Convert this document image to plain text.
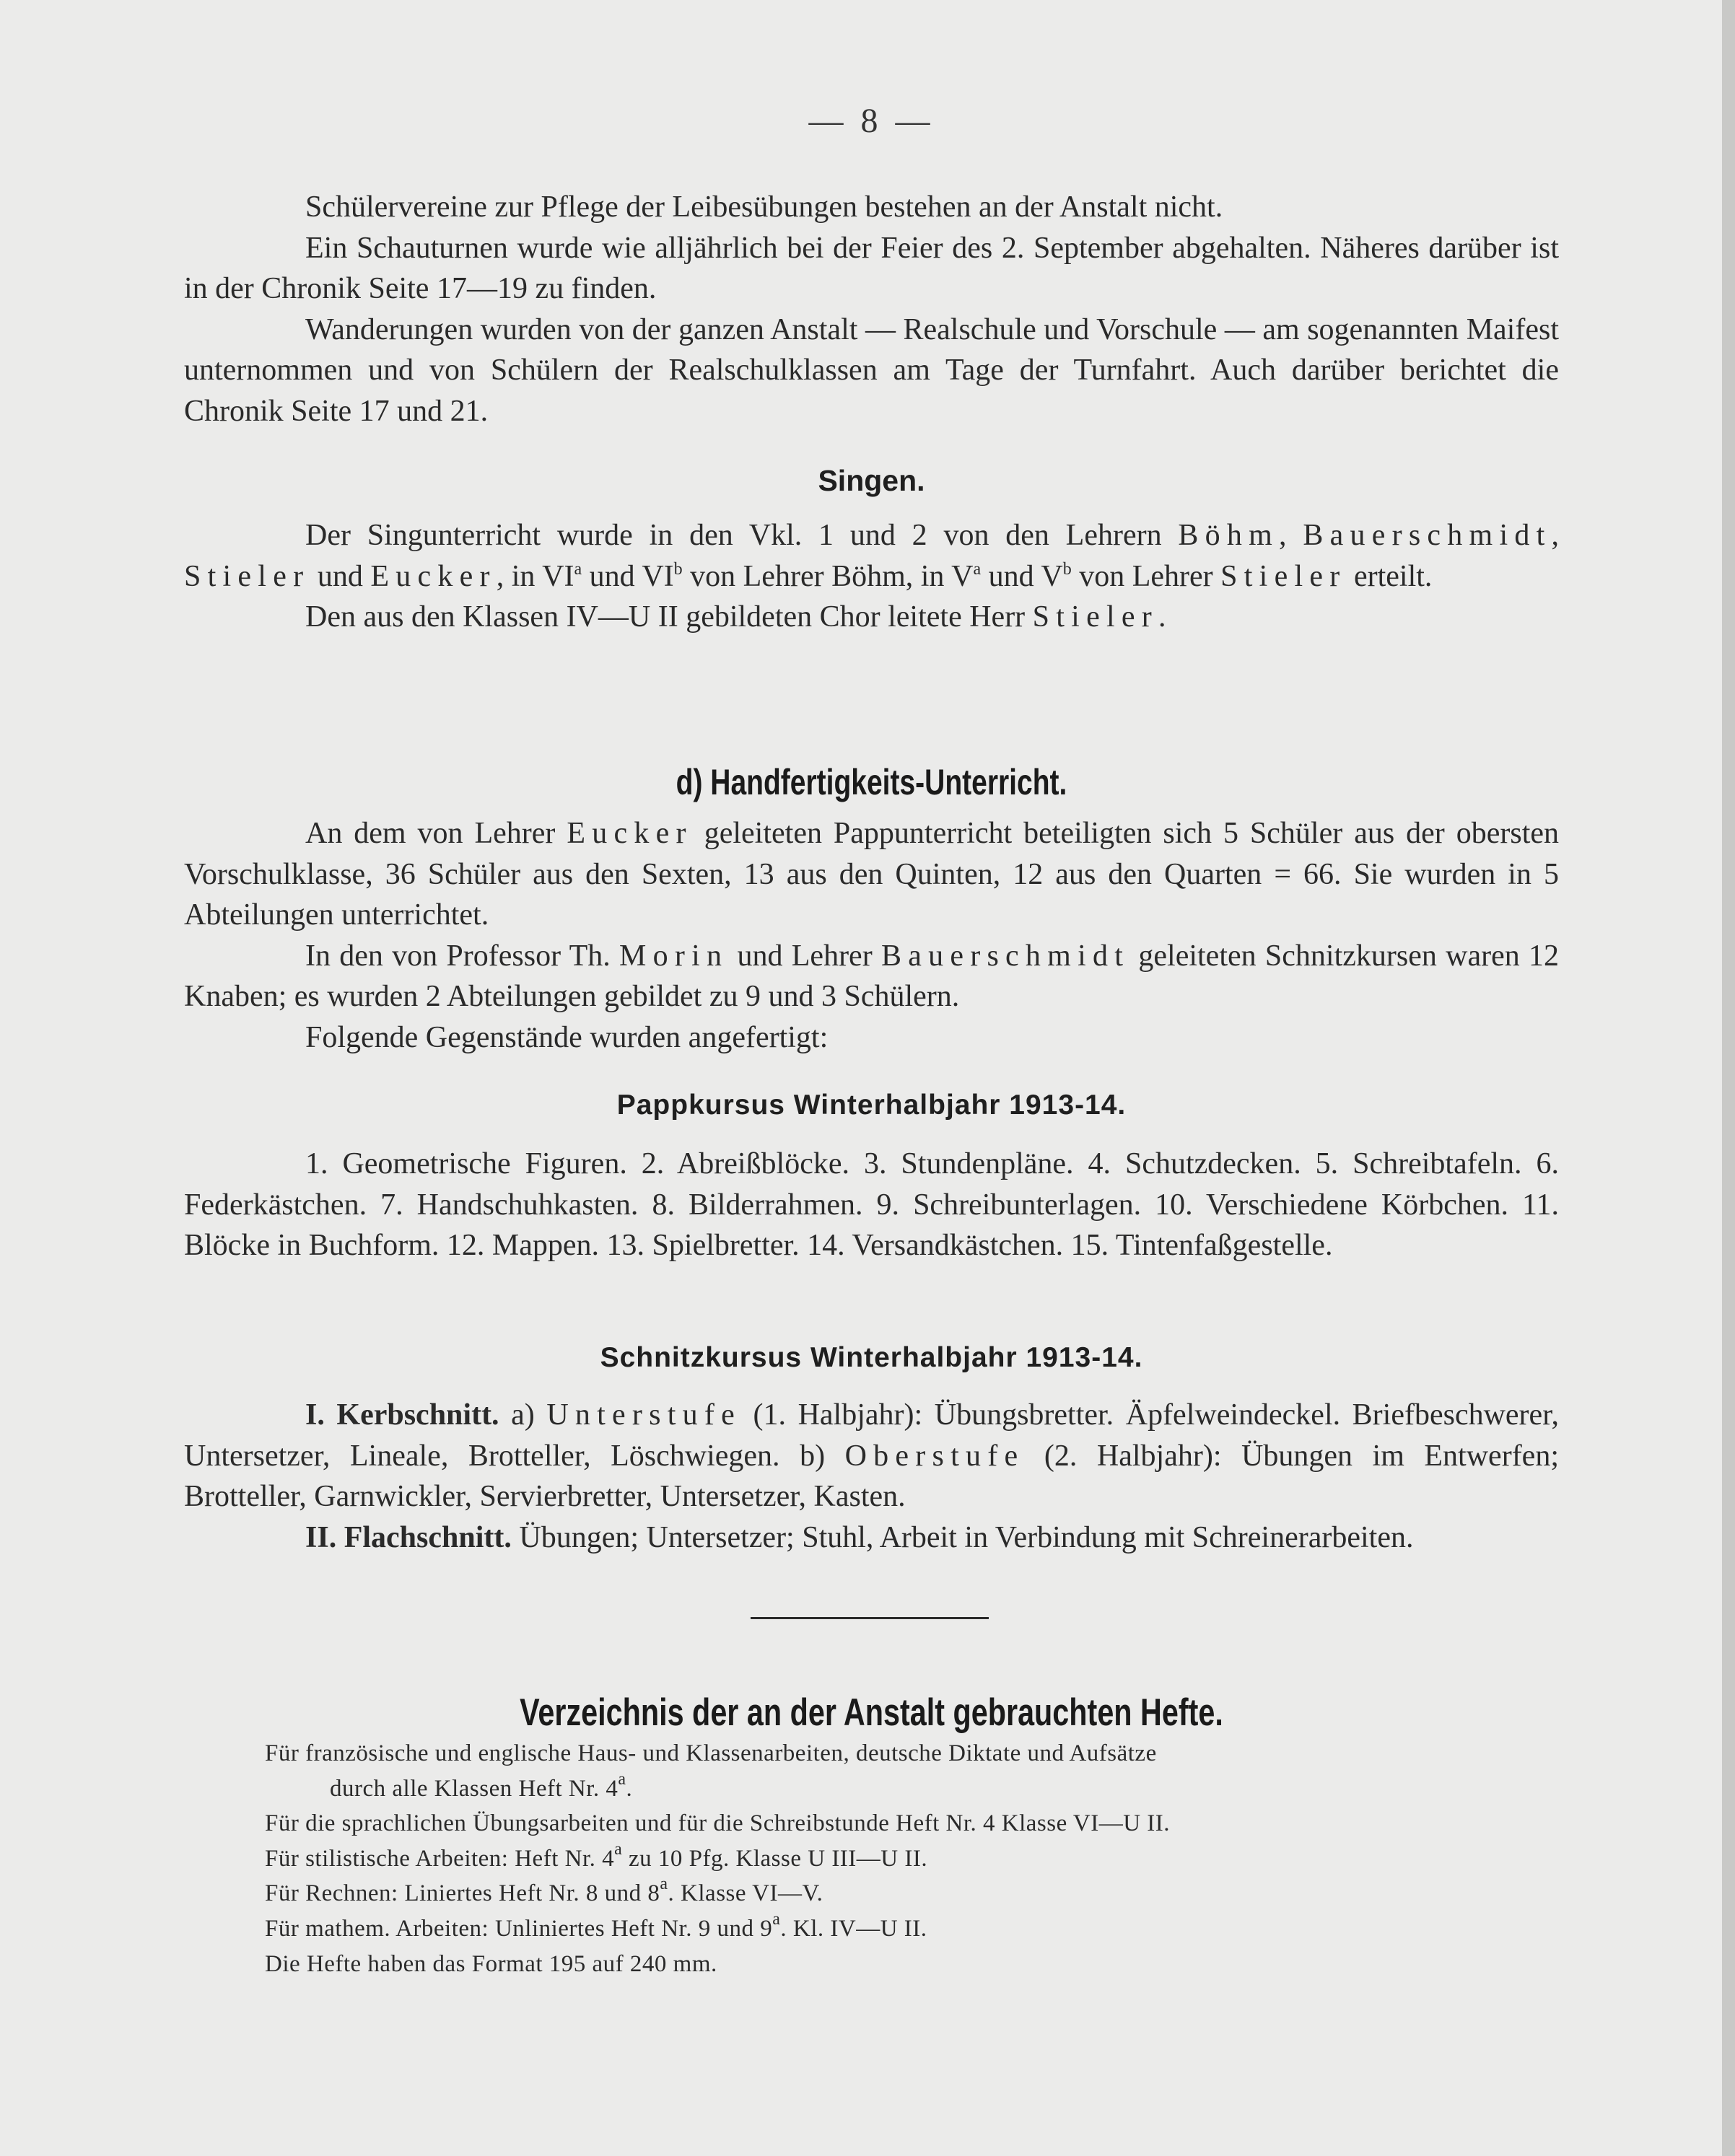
— 8 —

Schülervereine zur Pflege der Leibesübungen bestehen an der Anstalt nicht.

Ein Schauturnen wurde wie alljährlich bei der Feier des 2. September abgehalten. Näheres darüber ist in der Chronik Seite 17—19 zu finden.

Wanderungen wurden von der ganzen Anstalt — Realschule und Vorschule — am sogenannten Maifest unternommen und von Schülern der Realschulklassen am Tage der Turnfahrt. Auch darüber berichtet die Chronik Seite 17 und 21.

Singen.

Der Singunterricht wurde in den Vkl. 1 und 2 von den Lehrern Böhm, Bauerschmidt, Stieler und Eucker, in $VI^a$ und $VI^b$ von Lehrer Böhm, in $V^a$ und $V^b$ von Lehrer Stieler erteilt.

Den aus den Klassen IV—U II gebildeten Chor leitete Herr Stieler.

d) Handfertigkeits-Unterricht.

An dem von Lehrer Eucker geleiteten Pappunterricht beteiligten sich 5 Schüler aus der obersten Vorschulklasse, 36 Schüler aus den Sexten, 13 aus den Quinten, 12 aus den Quarten = 66. Sie wurden in 5 Abteilungen unterrichtet.

In den von Professor Th. Morin und Lehrer Bauerschmidt geleiteten Schnitzkursen waren 12 Knaben; es wurden 2 Abteilungen gebildet zu 9 und 3 Schülern.

Folgende Gegenstände wurden angefertigt:

Pappkursus Winterhalbjahr 1913-14.

1. Geometrische Figuren. 2. Abreißblöcke. 3. Stundenpläne. 4. Schutzdecken. 5. Schreibtafeln. 6. Federkästchen. 7. Handschuhkasten. 8. Bilderrahmen. 9. Schreibunterlagen. 10. Verschiedene Körbchen. 11. Blöcke in Buchform. 12. Mappen. 13. Spielbretter. 14. Versandkästchen. 15. Tintenfaßgestelle.

Schnitzkursus Winterhalbjahr 1913-14.

I. Kerbschnitt. a) Unterstufe (1. Halbjahr): Übungsbretter. Äpfelweindeckel. Briefbeschwerer, Untersetzer, Lineale, Brotteller, Löschwiegen. b) Oberstufe (2. Halbjahr): Übungen im Entwerfen; Brotteller, Garnwickler, Servierbretter, Untersetzer, Kasten.

II. Flachschnitt. Übungen; Untersetzer; Stuhl, Arbeit in Verbindung mit Schreinerarbeiten.

Verzeichnis der an der Anstalt gebrauchten Hefte.

Für französische und englische Haus- und Klassenarbeiten, deutsche Diktate und Aufsätze

durch alle Klassen Heft Nr. 4$^a$.

Für die sprachlichen Übungsarbeiten und für die Schreibstunde Heft Nr. 4 Klasse VI—U II.

Für stilistische Arbeiten: Heft Nr. 4$^a$ zu 10 Pfg. Klasse U III—U II.

Für Rechnen: Liniertes Heft Nr. 8 und 8$^a$. Klasse VI—V.

Für mathem. Arbeiten: Unliniertes Heft Nr. 9 und 9$^a$. Kl. IV—U II.

Die Hefte haben das Format 195 auf 240 mm.
